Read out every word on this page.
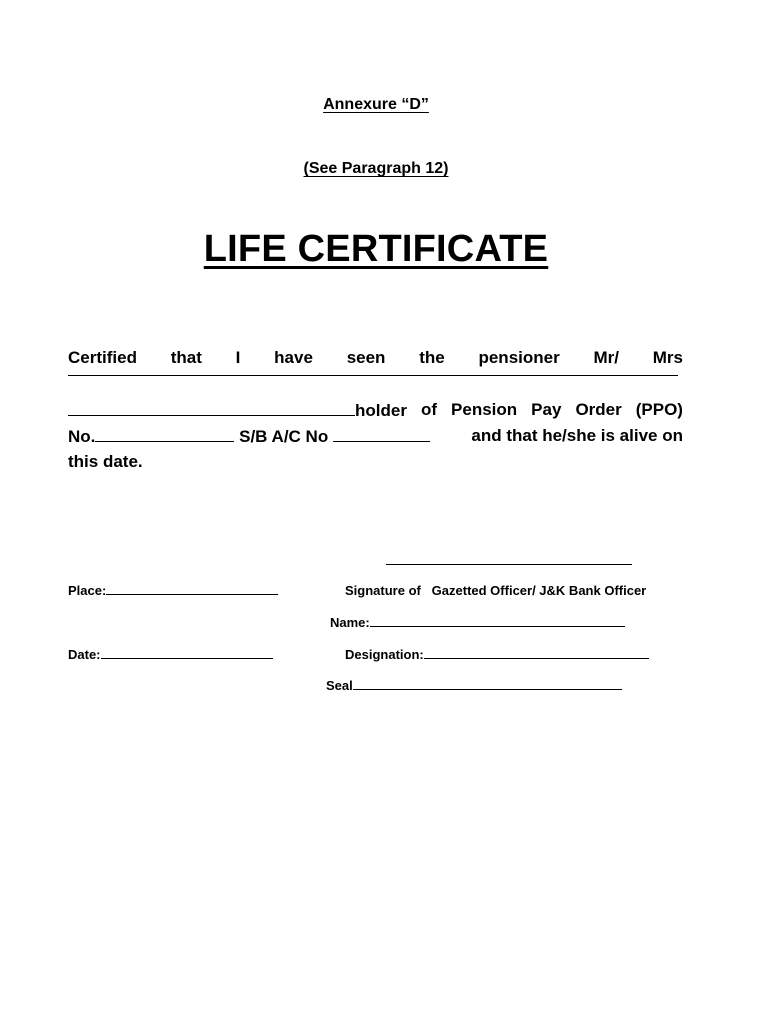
Annexure “D”
(See Paragraph 12)
LIFE CERTIFICATE
Certified that I have seen the pensioner Mr/ Mrs
holder of Pension Pay Order (PPO)
No.	S/B A/C No	and that he/she is alive on
this date.
Place:	Signature of   Gazetted Officer/ J&K Bank Officer
Name:
Date:	Designation:
Seal
